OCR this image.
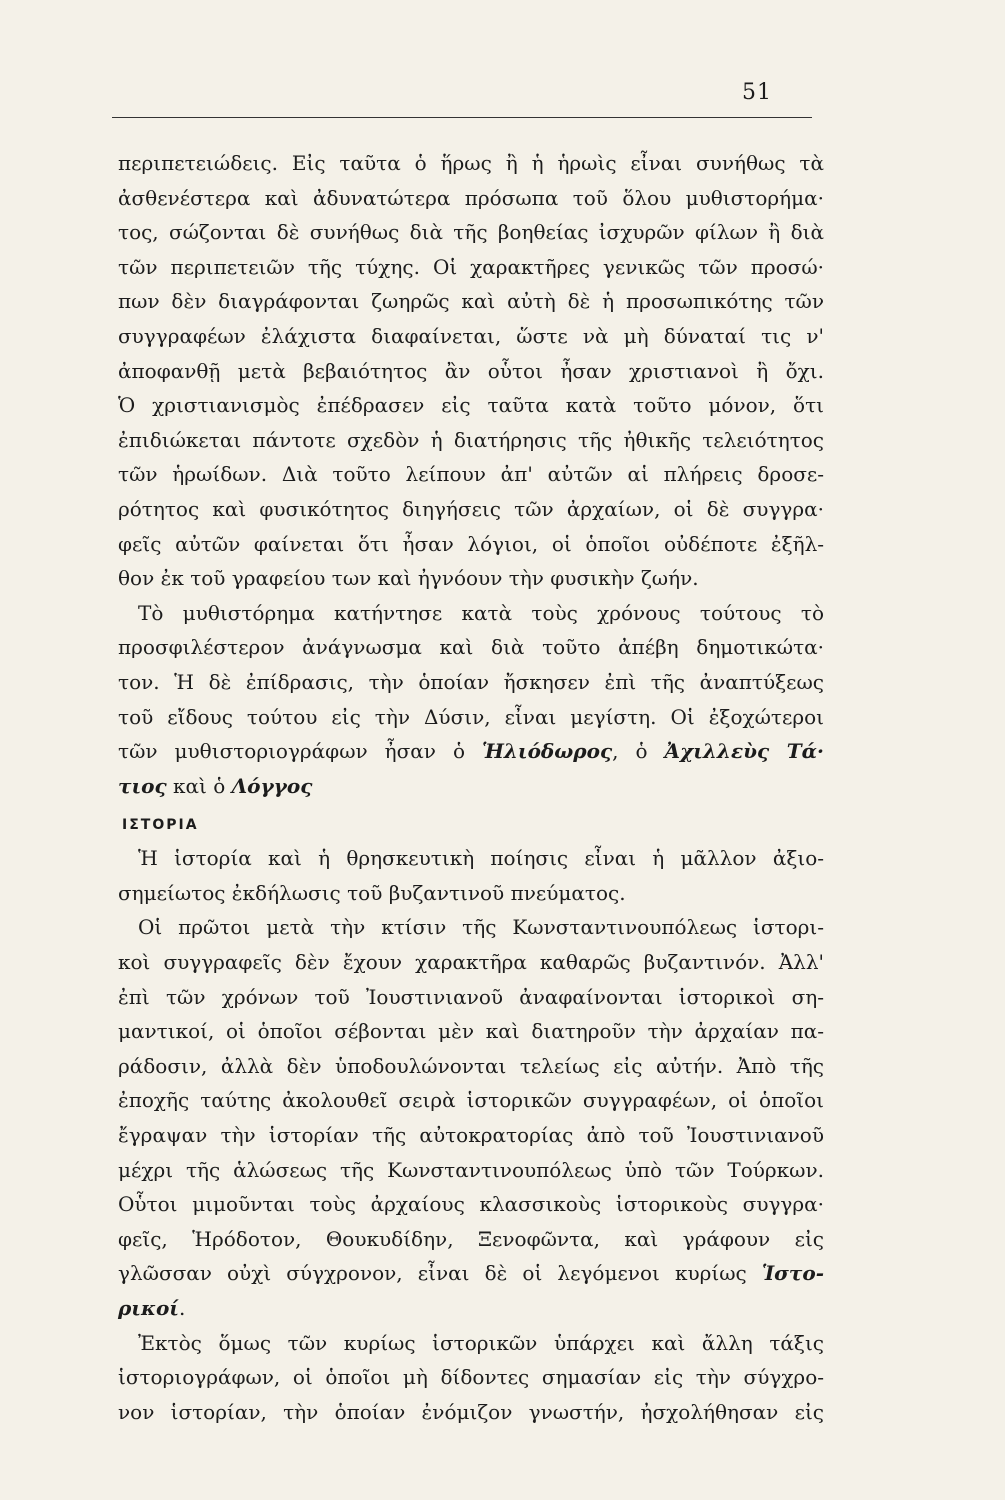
51
περιπετειώδεις. Εἰς ταῦτα ὁ ἥρως ἢ ἡ ἡρωὶς εἶναι συνήθως τὰ
ἀσθενέστερα καὶ ἀδυνατώτερα πρόσωπα τοῦ ὅλου μυθιστορήμα·
τος, σώζονται δὲ συνήθως διὰ τῆς βοηθείας ἰσχυρῶν φίλων ἢ διὰ
τῶν περιπετειῶν τῆς τύχης. Οἱ χαρακτῆρες γενικῶς τῶν προσώ·
πων δὲν διαγράφονται ζωηρῶς καὶ αὐτὴ δὲ ἡ προσωπικότης τῶν
συγγραφέων ἐλάχιστα διαφαίνεται, ὥστε νὰ μὴ δύναταί τις ν'
ἀποφανθῇ μετὰ βεβαιότητος ἂν οὗτοι ἦσαν χριστιανοὶ ἢ ὄχι.
Ὁ χριστιανισμὸς ἐπέδρασεν εἰς ταῦτα κατὰ τοῦτο μόνον, ὅτι
ἐπιδιώκεται πάντοτε σχεδὸν ἡ διατήρησις τῆς ἠθικῆς τελειότητος
τῶν ἡρωίδων. Διὰ τοῦτο λείπουν ἀπ' αὐτῶν αἱ πλήρεις δροσε-
ρότητος καὶ φυσικότητος διηγήσεις τῶν ἀρχαίων, οἱ δὲ συγγρα·
φεῖς αὐτῶν φαίνεται ὅτι ἦσαν λόγιοι, οἱ ὁποῖοι οὐδέποτε ἐξῆλ-
θον ἐκ τοῦ γραφείου των καὶ ἠγνόουν τὴν φυσικὴν ζωήν.
Τὸ μυθιστόρημα κατήντησε κατὰ τοὺς χρόνους τούτους τὸ
προσφιλέστερον ἀνάγνωσμα καὶ διὰ τοῦτο ἀπέβη δημοτικώτα·
τον. Ἡ δὲ ἐπίδρασις, τὴν ὁποίαν ἤσκησεν ἐπὶ τῆς ἀναπτύξεως
τοῦ εἴδους τούτου εἰς τὴν Δύσιν, εἶναι μεγίστη. Οἱ ἐξοχώτεροι
τῶν μυθιστοριογράφων ἦσαν ὁ Ἡλιόδωρος, ὁ Ἀχιλλεὺς Τά·
τιος καὶ ὁ Λόγγος
ΙΣΤΟΡΙΑ
Ἡ ἱστορία καὶ ἡ θρησκευτικὴ ποίησις εἶναι ἡ μᾶλλον ἀξιο-
σημείωτος ἐκδήλωσις τοῦ βυζαντινοῦ πνεύματος.
Οἱ πρῶτοι μετὰ τὴν κτίσιν τῆς Κωνσταντινουπόλεως ἱστορι-
κοὶ συγγραφεῖς δὲν ἔχουν χαρακτῆρα καθαρῶς βυζαντινόν. Ἀλλ'
ἐπὶ τῶν χρόνων τοῦ Ἰουστινιανοῦ ἀναφαίνονται ἱστορικοὶ ση-
μαντικοί, οἱ ὁποῖοι σέβονται μὲν καὶ διατηροῦν τὴν ἀρχαίαν πα-
ράδοσιν, ἀλλὰ δὲν ὑποδουλώνονται τελείως εἰς αὐτήν. Ἀπὸ τῆς
ἐποχῆς ταύτης ἀκολουθεῖ σειρὰ ἱστορικῶν συγγραφέων, οἱ ὁποῖοι
ἔγραψαν τὴν ἱστορίαν τῆς αὐτοκρατορίας ἀπὸ τοῦ Ἰουστινιανοῦ
μέχρι τῆς ἁλώσεως τῆς Κωνσταντινουπόλεως ὑπὸ τῶν Τούρκων.
Οὗτοι μιμοῦνται τοὺς ἀρχαίους κλασσικοὺς ἱστορικοὺς συγγρα·
φεῖς, Ἡρόδοτον, Θουκυδίδην, Ξενοφῶντα, καὶ γράφουν εἰς
γλῶσσαν οὐχὶ σύγχρονον, εἶναι δὲ οἱ λεγόμενοι κυρίως Ἱστο-
ρικοί.
Ἐκτὸς ὅμως τῶν κυρίως ἱστορικῶν ὑπάρχει καὶ ἄλλη τάξις
ἱστοριογράφων, οἱ ὁποῖοι μὴ δίδοντες σημασίαν εἰς τὴν σύγχρο-
νον ἱστορίαν, τὴν ὁποίαν ἐνόμιζον γνωστήν, ἠσχολήθησαν εἰς
